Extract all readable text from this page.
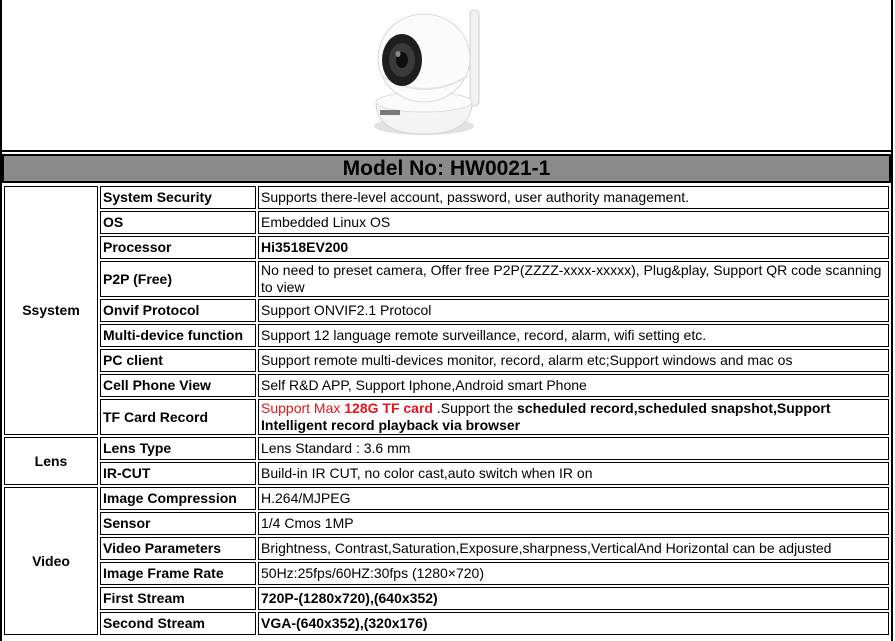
Model No: HW0021-1
Ssystem	System Security	Supports there-level account, password, user authority management.
	OS	Embedded Linux OS
	Processor	Hi3518EV200
	P2P (Free)	No need to preset camera, Offer free P2P(ZZZZ-xxxx-xxxxx), Plug&play, Support QR code scanning to view
	Onvif Protocol	Support ONVIF2.1 Protocol
	Multi-device function	Support 12 language remote surveillance, record, alarm, wifi setting etc.
	PC client	Support remote multi-devices monitor, record, alarm etc;Support windows and mac os
	Cell Phone View	Self R&D APP, Support Iphone,Android smart Phone
	TF Card Record	Support Max 128G TF card .Support the scheduled record,scheduled snapshot,Support Intelligent record playback via browser
Lens	Lens Type	Lens Standard : 3.6 mm
	IR-CUT	Build-in IR CUT, no color cast,auto switch when IR on
Video	Image Compression	H.264/MJPEG
	Sensor	1/4 Cmos 1MP
	Video Parameters	Brightness, Contrast,Saturation,Exposure,sharpness,VerticalAnd Horizontal can be adjusted
	Image Frame Rate	50Hz:25fps/60HZ:30fps (1280×720)
	First Stream	720P-(1280x720),(640x352)
	Second Stream	VGA-(640x352),(320x176)
